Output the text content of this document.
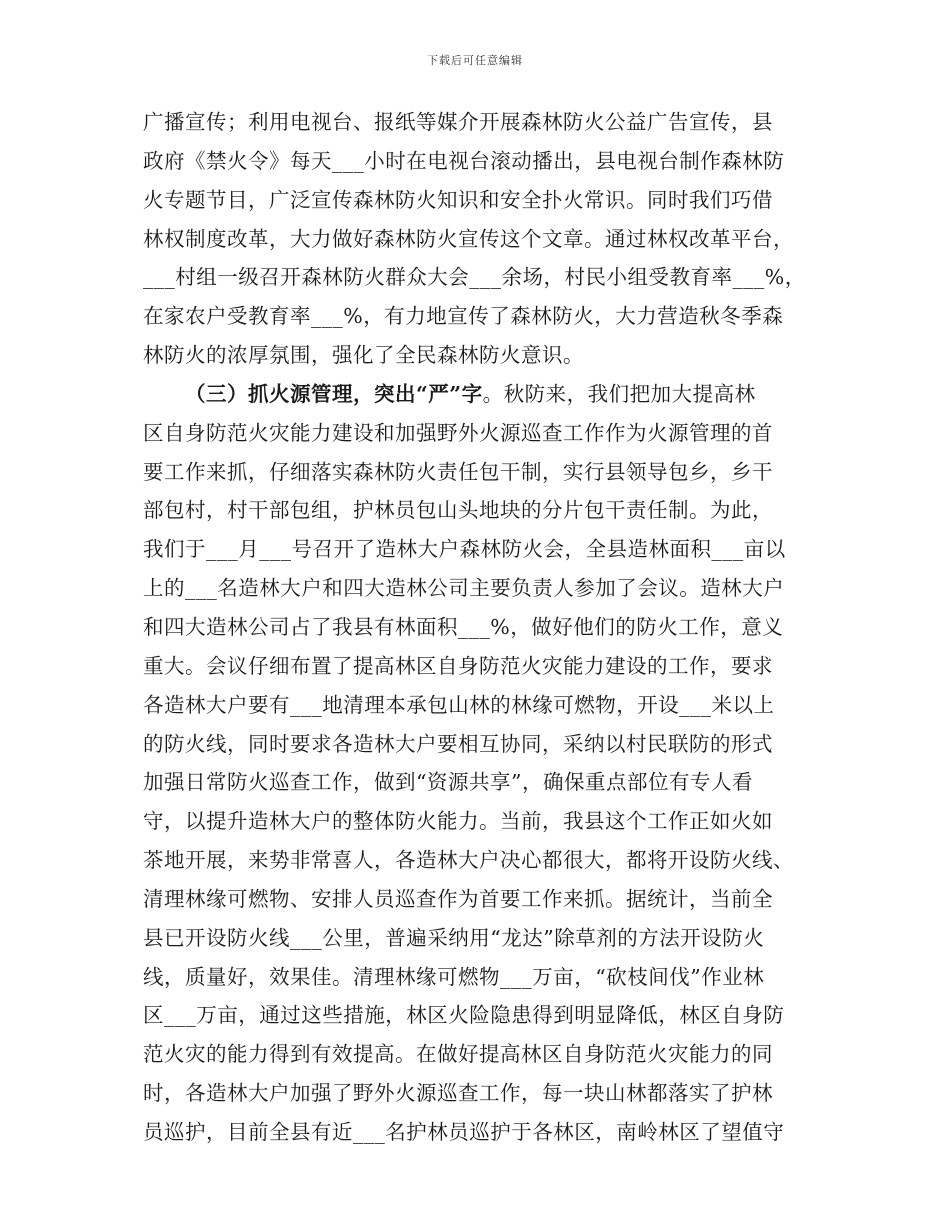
下载后可任意编辑
广播宣传；利用电视台、报纸等媒介开展森林防火公益广告宣传，县
政府《禁火令》每天___小时在电视台滚动播出，县电视台制作森林防
火专题节目，广泛宣传森林防火知识和安全扑火常识。同时我们巧借
林权制度改革，大力做好森林防火宣传这个文章。通过林权改革平台，
___村组一级召开森林防火群众大会___余场，村民小组受教育率___%，
在家农户受教育率___%，有力地宣传了森林防火，大力营造秋冬季森
林防火的浓厚氛围，强化了全民森林防火意识。
（三）抓火源管理，突出“严”字。秋防来，我们把加大提高林
区自身防范火灾能力建设和加强野外火源巡查工作作为火源管理的首
要工作来抓，仔细落实森林防火责任包干制，实行县领导包乡，乡干
部包村，村干部包组，护林员包山头地块的分片包干责任制。为此，
我们于___月___号召开了造林大户森林防火会，全县造林面积___亩以
上的___名造林大户和四大造林公司主要负责人参加了会议。造林大户
和四大造林公司占了我县有林面积___%，做好他们的防火工作，意义
重大。会议仔细布置了提高林区自身防范火灾能力建设的工作，要求
各造林大户要有___地清理本承包山林的林缘可燃物，开设___米以上
的防火线，同时要求各造林大户要相互协同，采纳以村民联防的形式
加强日常防火巡查工作，做到“资源共享”，确保重点部位有专人看
守，以提升造林大户的整体防火能力。当前，我县这个工作正如火如
茶地开展，来势非常喜人，各造林大户决心都很大，都将开设防火线、
清理林缘可燃物、安排人员巡查作为首要工作来抓。据统计，当前全
县已开设防火线___公里，普遍采纳用“龙达”除草剂的方法开设防火
线，质量好，效果佳。清理林缘可燃物___万亩，“砍枝间伐”作业林
区___万亩，通过这些措施，林区火险隐患得到明显降低，林区自身防
范火灾的能力得到有效提高。在做好提高林区自身防范火灾能力的同
时，各造林大户加强了野外火源巡查工作，每一块山林都落实了护林
员巡护，目前全县有近___名护林员巡护于各林区，南岭林区了望值守
